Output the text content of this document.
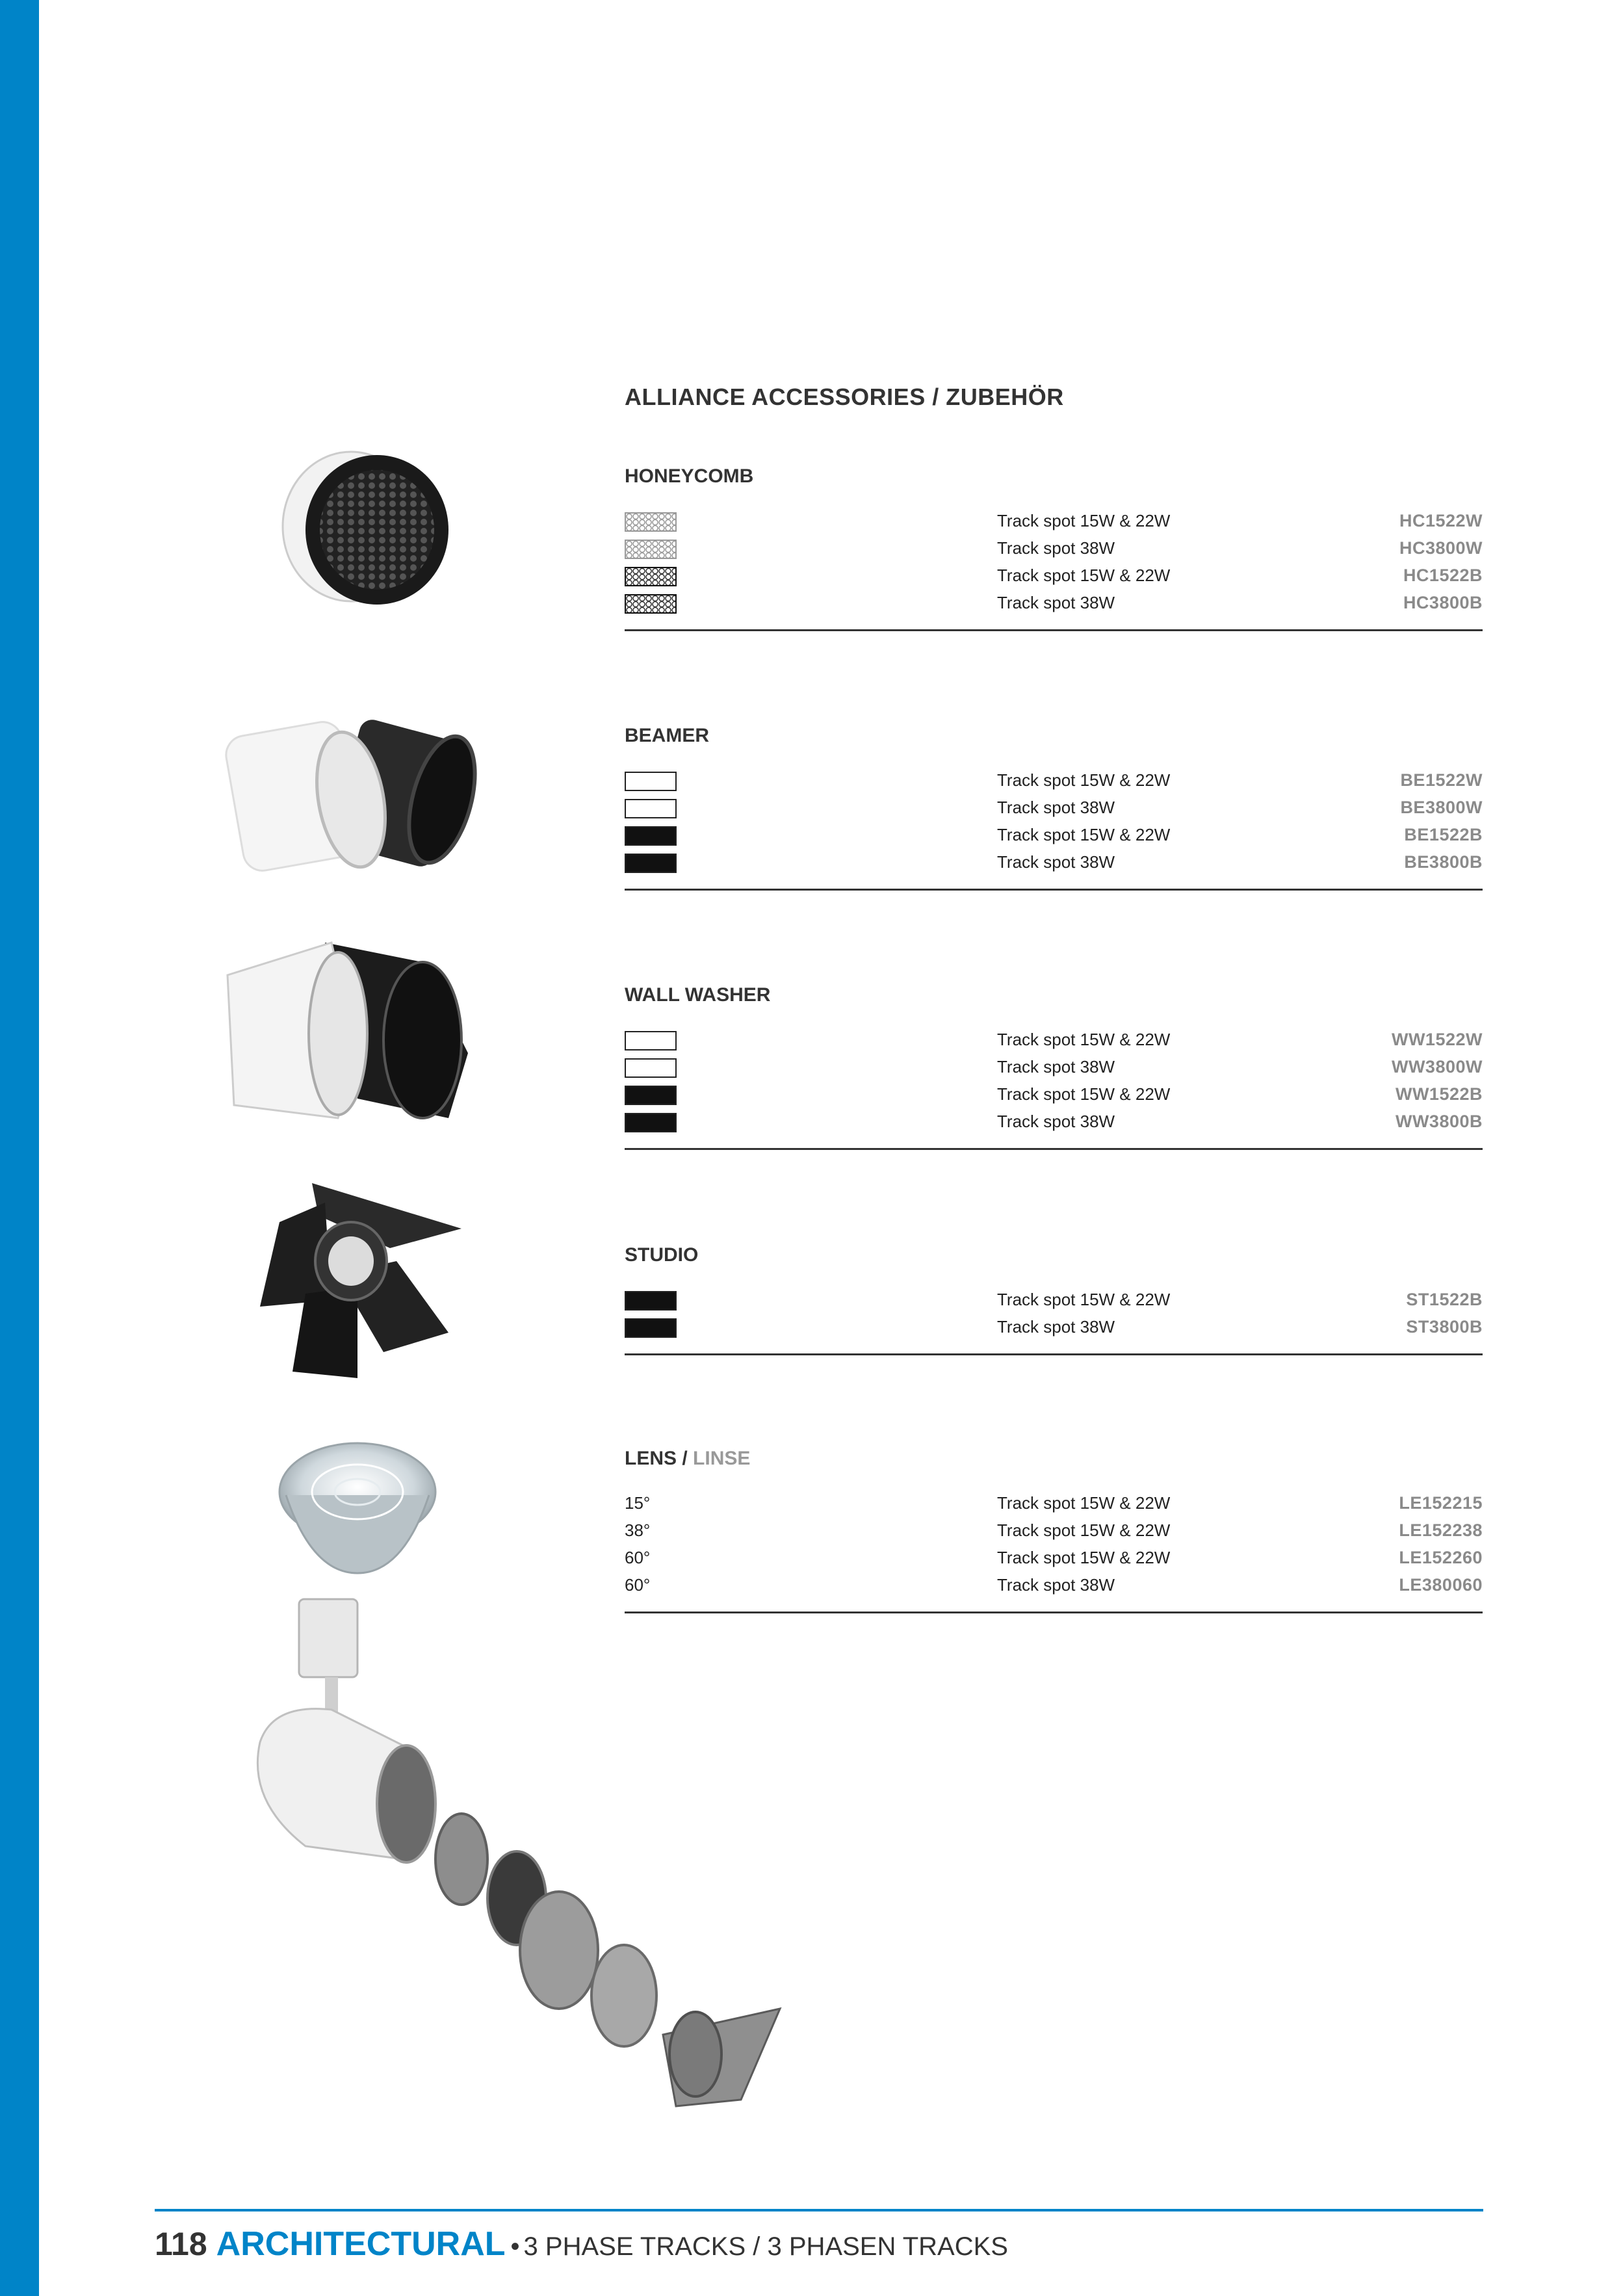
ALLIANCE ACCESSORIES / ZUBEHÖR
HONEYCOMB
Track spot 15W & 22W	HC1522W
Track spot 38W	HC3800W
Track spot 15W & 22W	HC1522B
Track spot 38W	HC3800B
BEAMER
Track spot 15W & 22W	BE1522W
Track spot 38W	BE3800W
Track spot 15W & 22W	BE1522B
Track spot 38W	BE3800B
WALL WASHER
Track spot 15W & 22W	WW1522W
Track spot 38W	WW3800W
Track spot 15W & 22W	WW1522B
Track spot 38W	WW3800B
STUDIO
Track spot 15W & 22W	ST1522B
Track spot 38W	ST3800B
LENS / LINSE
15°	Track spot 15W & 22W	LE152215
38°	Track spot 15W & 22W	LE152238
60°	Track spot 15W & 22W	LE152260
60°	Track spot 38W	LE380060
118 ARCHITECTURAL • 3 PHASE TRACKS / 3 PHASEN TRACKS
